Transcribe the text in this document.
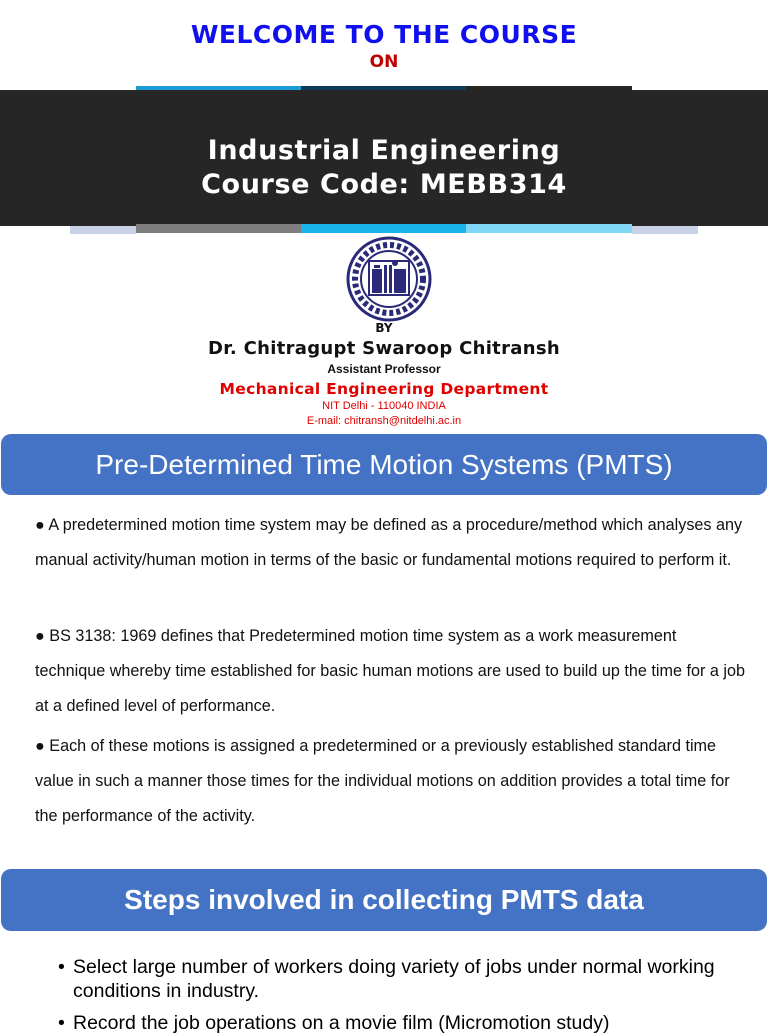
WELCOME TO THE COURSE
ON
Industrial Engineering
Course Code: MEBB314
BY
Dr. Chitragupt Swaroop Chitransh
Assistant Professor
Mechanical Engineering Department
NIT Delhi - 110040 INDIA
E-mail: chitransh@nitdelhi.ac.in
Pre-Determined Time Motion Systems (PMTS)
● A predetermined motion time system may be defined as a procedure/method which analyses any manual activity/human motion in terms of the basic or fundamental motions required to perform it.
● BS 3138: 1969 defines that Predetermined motion time system as a work measurement technique whereby time established for basic human motions are used to build up the time for a job at a defined level of performance.
● Each of these motions is assigned a predetermined or a previously established standard time value in such a manner those times for the individual motions on addition provides a total time for the performance of the activity.
Steps involved in collecting PMTS data
• Select large number of workers doing variety of jobs under normal working conditions in industry.
• Record the job operations on a movie film (Micromotion study)
